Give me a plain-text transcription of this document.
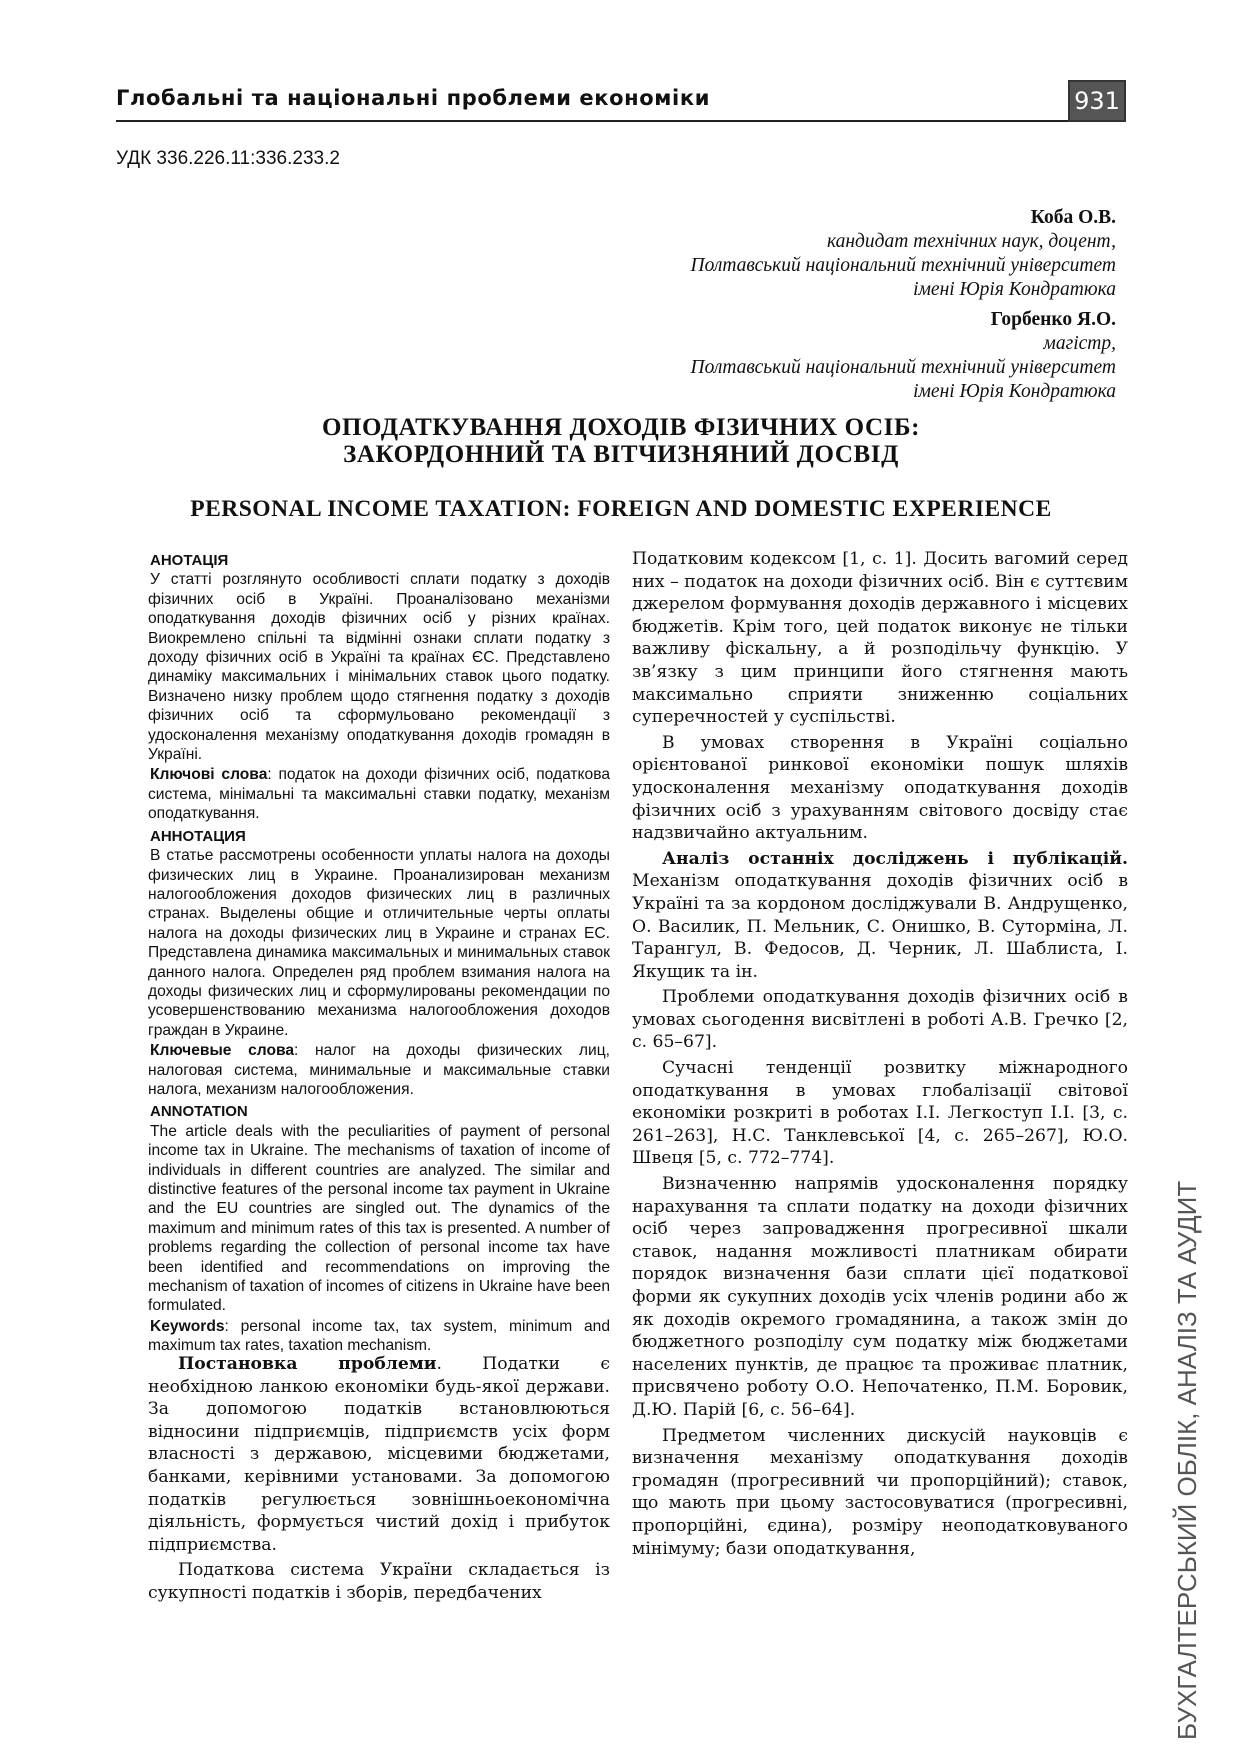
Глобальні та національні проблеми економіки	931
УДК 336.226.11:336.233.2
Коба О.В.
кандидат технічних наук, доцент,
Полтавський національний технічний університет
імені Юрія Кондратюка
Горбенко Я.О.
магістр,
Полтавський національний технічний університет
імені Юрія Кондратюка
ОПОДАТКУВАННЯ ДОХОДІВ ФІЗИЧНИХ ОСІБ:
ЗАКОРДОННИЙ ТА ВІТЧИЗНЯНИЙ ДОСВІД
PERSONAL INCOME TAXATION: FOREIGN AND DOMESTIC EXPERIENCE
АНОТАЦІЯ
У статті розглянуто особливості сплати податку з доходів фізичних осіб в Україні. Проаналізовано механізми оподаткування доходів фізичних осіб у різних країнах. Виокремлено спільні та відмінні ознаки сплати податку з доходу фізичних осіб в Україні та країнах ЄС. Представлено динаміку максимальних і мінімальних ставок цього податку. Визначено низку проблем щодо стягнення податку з доходів фізичних осіб та сформульовано рекомендації з удосконалення механізму оподаткування доходів громадян в Україні.
Ключові слова: податок на доходи фізичних осіб, податкова система, мінімальні та максимальні ставки податку, механізм оподаткування.
АННОТАЦИЯ
В статье рассмотрены особенности уплаты налога на доходы физических лиц в Украине. Проанализирован механизм налогообложения доходов физических лиц в различных странах. Выделены общие и отличительные черты оплаты налога на доходы физических лиц в Украине и странах ЕС. Представлена динамика максимальных и минимальных ставок данного налога. Определен ряд проблем взимания налога на доходы физических лиц и сформулированы рекомендации по усовершенствованию механизма налогообложения доходов граждан в Украине.
Ключевые слова: налог на доходы физических лиц, налоговая система, минимальные и максимальные ставки налога, механизм налогообложения.
ANNOTATION
The article deals with the peculiarities of payment of personal income tax in Ukraine. The mechanisms of taxation of income of individuals in different countries are analyzed. The similar and distinctive features of the personal income tax payment in Ukraine and the EU countries are singled out. The dynamics of the maximum and minimum rates of this tax is presented. A number of problems regarding the collection of personal income tax have been identified and recommendations on improving the mechanism of taxation of incomes of citizens in Ukraine have been formulated.
Keywords: personal income tax, tax system, minimum and maximum tax rates, taxation mechanism.

Постановка проблеми. Податки є необхідною ланкою економіки будь-якої держави. За допомогою податків встановлюються відносини підприємців, підприємств усіх форм власності з державою, місцевими бюджетами, банками, керівними установами. За допомогою податків регулюється зовнішньоекономічна діяльність, формується чистий дохід і прибуток підприємства.

Податкова система України складається із сукупності податків і зборів, передбачених

Податковим кодексом [1, с. 1]. Досить вагомий серед них – податок на доходи фізичних осіб. Він є суттєвим джерелом формування доходів державного і місцевих бюджетів. Крім того, цей податок виконує не тільки важливу фіскальну, а й розподільчу функцію. У зв’язку з цим принципи його стягнення мають максимально сприяти зниженню соціальних суперечностей у суспільстві.

В умовах створення в Україні соціально орієнтованої ринкової економіки пошук шляхів удосконалення механізму оподаткування доходів фізичних осіб з урахуванням світового досвіду стає надзвичайно актуальним.

Аналіз останніх досліджень і публікацій. Механізм оподаткування доходів фізичних осіб в Україні та за кордоном досліджували В. Андрущенко, О. Василик, П. Мельник, С. Онишко, В. Суторміна, Л. Тарангул, В. Федосов, Д. Черник, Л. Шаблиста, І. Якущик та ін.

Проблеми оподаткування доходів фізичних осіб в умовах сьогодення висвітлені в роботі А.В. Гречко [2, с. 65–67].

Сучасні тенденції розвитку міжнародного оподаткування в умовах глобалізації світової економіки розкриті в роботах І.І. Легкоступ І.І. [3, с. 261–263], Н.С. Танклевської [4, с. 265–267], Ю.О. Швеця [5, с. 772–774].

Визначенню напрямів удосконалення порядку нарахування та сплати податку на доходи фізичних осіб через запровадження прогресивної шкали ставок, надання можливості платникам обирати порядок визначення бази сплати цієї податкової форми як сукупних доходів усіх членів родини або ж як доходів окремого громадянина, а також змін до бюджетного розподілу сум податку між бюджетами населених пунктів, де працює та проживає платник, присвячено роботу О.О. Непочатенко, П.М. Боровик, Д.Ю. Парій [6, с. 56–64].

Предметом численних дискусій науковців є визначення механізму оподаткування доходів громадян (прогресивний чи пропорційний); ставок, що мають при цьому застосовуватися (прогресивні, пропорційні, єдина), розміру неоподатковуваного мінімуму; бази оподаткування,	БУХГАЛТЕРСЬКИЙ ОБЛІК, АНАЛІЗ ТА АУДИТ
